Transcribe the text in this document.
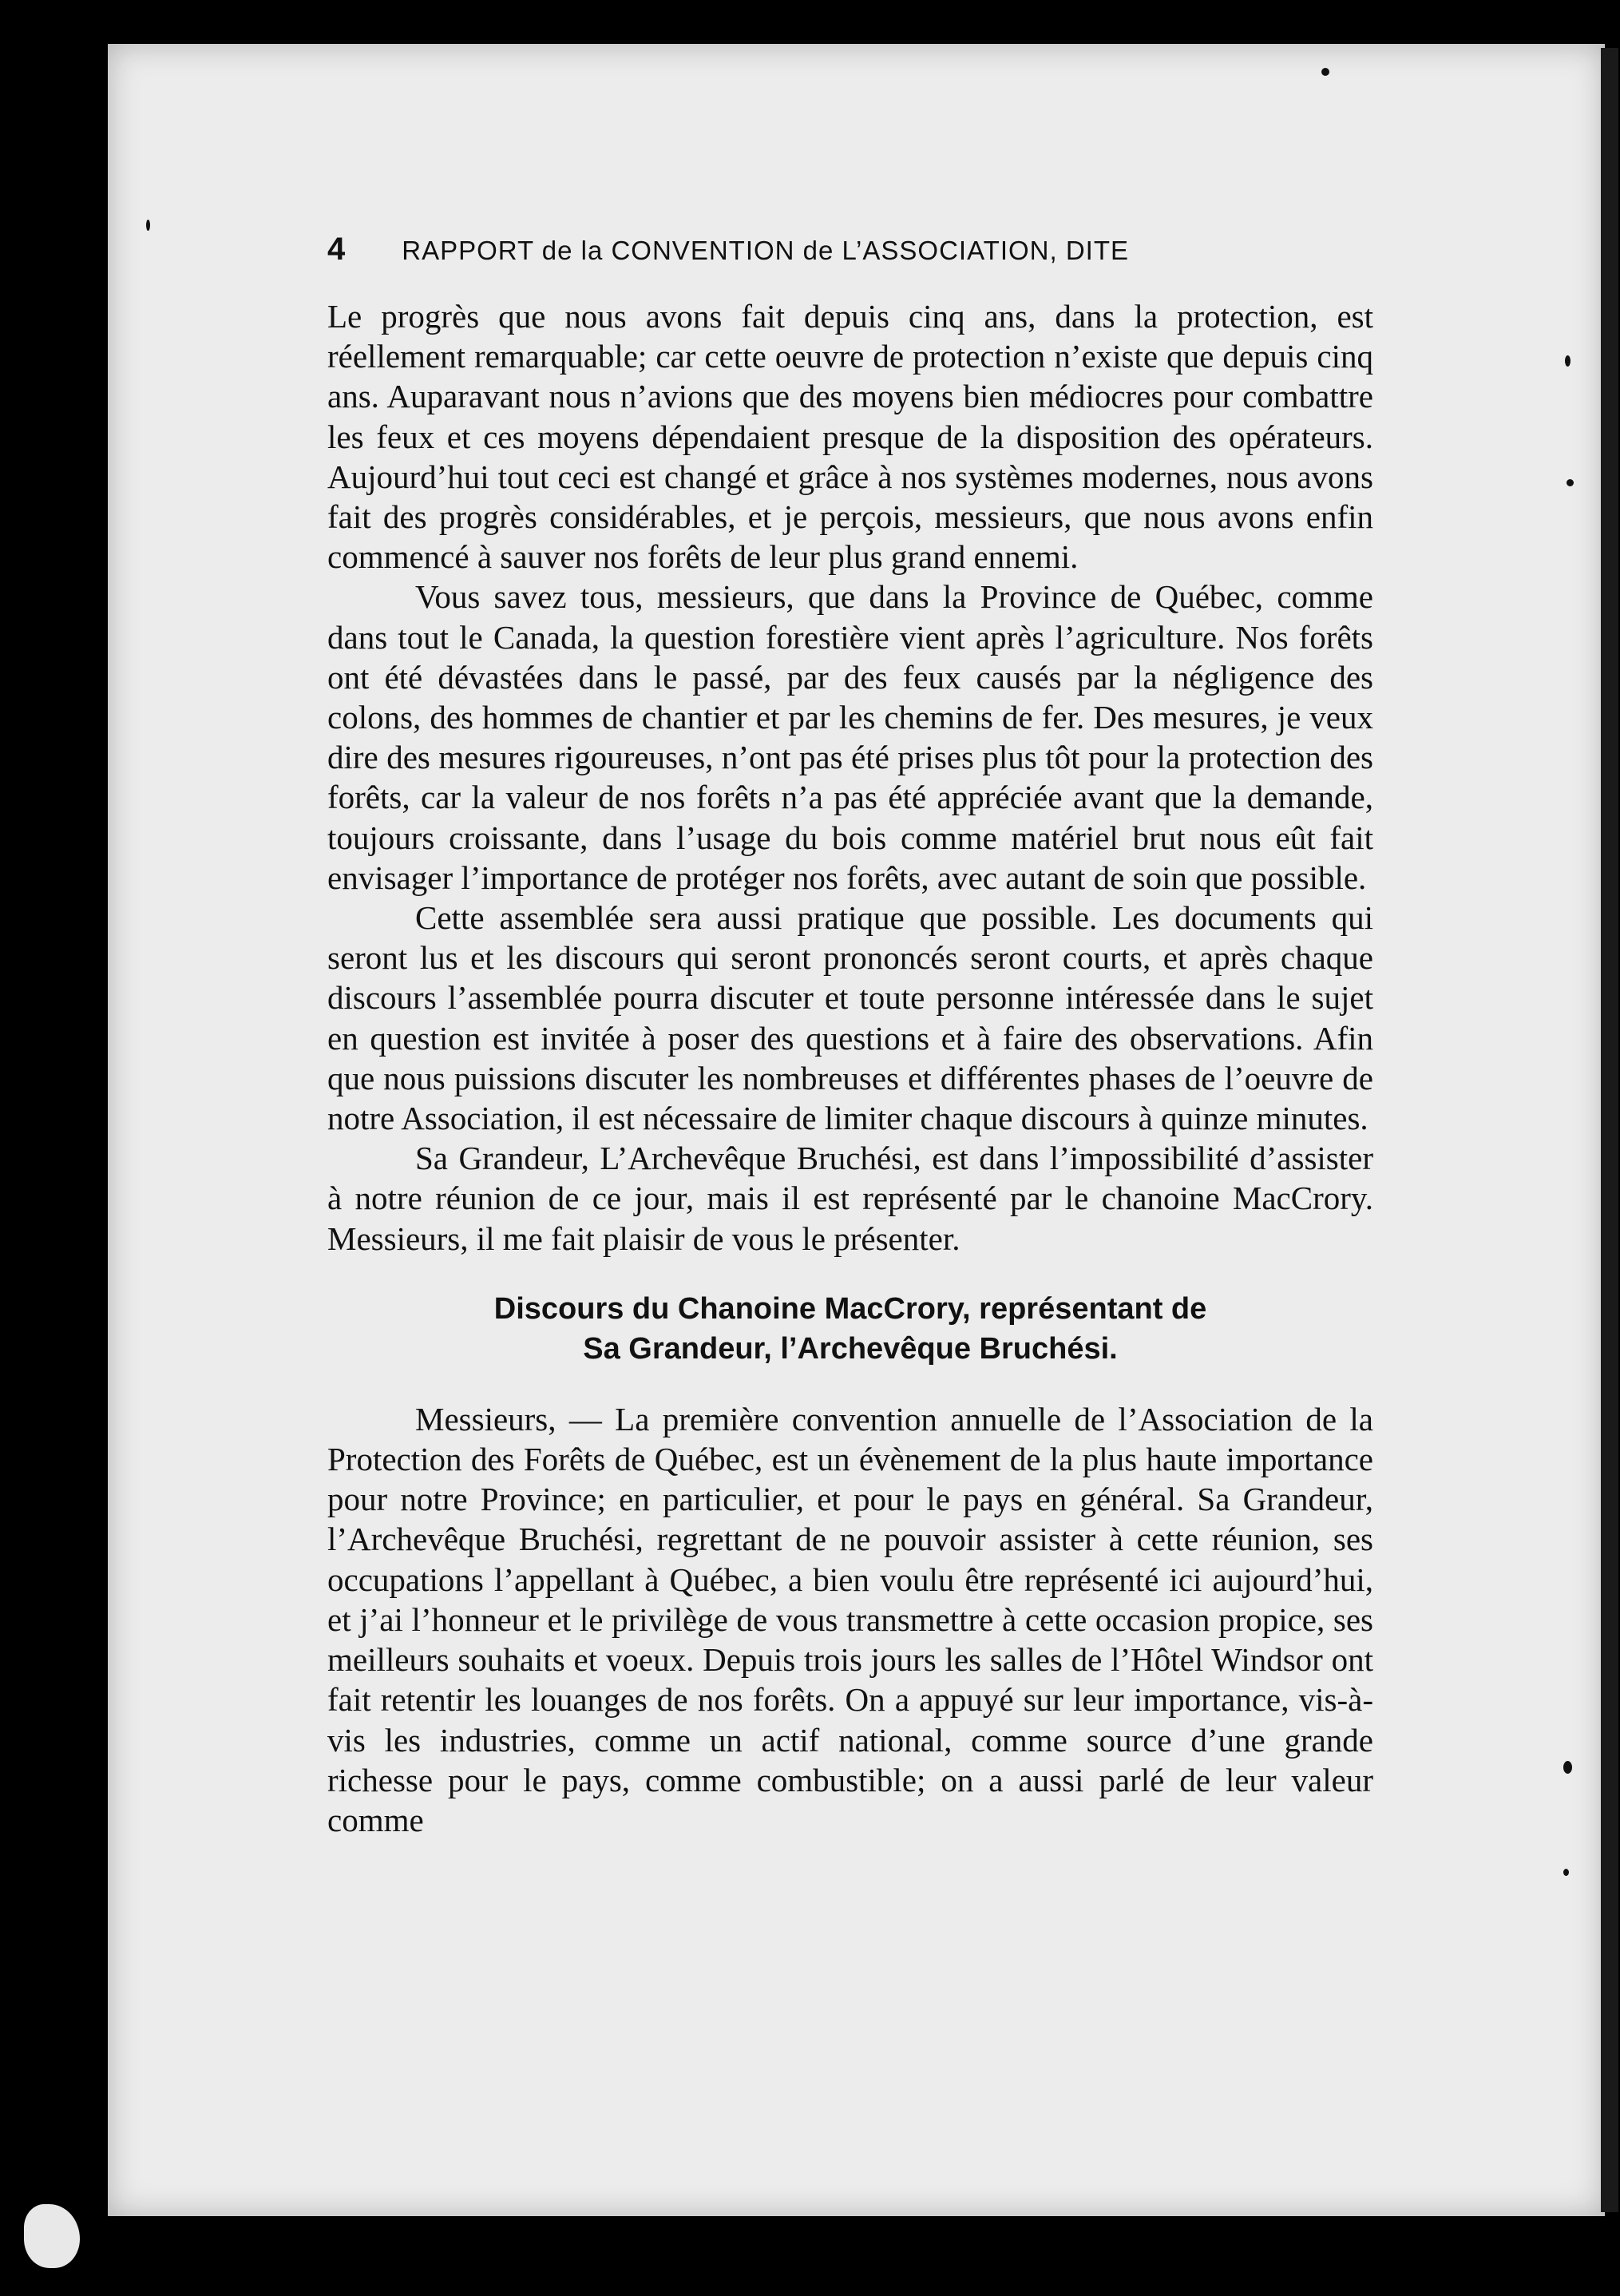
4 RAPPORT de la CONVENTION de L’ASSOCIATION, DITE

Le progrès que nous avons fait depuis cinq ans, dans la protection, est réellement remarquable; car cette oeuvre de protection n’existe que depuis cinq ans. Auparavant nous n’avions que des moyens bien médiocres pour combattre les feux et ces moyens dépendaient presque de la disposition des opérateurs. Aujourd’hui tout ceci est changé et grâce à nos systèmes modernes, nous avons fait des progrès considérables, et je perçois, messieurs, que nous avons enfin commencé à sauver nos forêts de leur plus grand ennemi.

Vous savez tous, messieurs, que dans la Province de Québec, comme dans tout le Canada, la question forestière vient après l’agriculture. Nos forêts ont été dévastées dans le passé, par des feux causés par la négligence des colons, des hommes de chantier et par les chemins de fer. Des mesures, je veux dire des mesures rigoureuses, n’ont pas été prises plus tôt pour la protection des forêts, car la valeur de nos forêts n’a pas été appréciée avant que la demande, toujours croissante, dans l’usage du bois comme matériel brut nous eût fait envisager l’importance de protéger nos forêts, avec autant de soin que possible.

Cette assemblée sera aussi pratique que possible. Les documents qui seront lus et les discours qui seront prononcés seront courts, et après chaque discours l’assemblée pourra discuter et toute personne intéressée dans le sujet en question est invitée à poser des questions et à faire des observations. Afin que nous puissions discuter les nombreuses et différentes phases de l’oeuvre de notre Association, il est nécessaire de limiter chaque discours à quinze minutes.

Sa Grandeur, L’Archevêque Bruchési, est dans l’impossibilité d’assister à notre réunion de ce jour, mais il est représenté par le chanoine MacCrory. Messieurs, il me fait plaisir de vous le présenter.

Discours du Chanoine MacCrory, représentant de
Sa Grandeur, l’Archevêque Bruchési.

Messieurs, — La première convention annuelle de l’Association de la Protection des Forêts de Québec, est un évènement de la plus haute importance pour notre Province; en particulier, et pour le pays en général. Sa Grandeur, l’Archevêque Bruchési, regrettant de ne pouvoir assister à cette réunion, ses occupations l’appellant à Québec, a bien voulu être représenté ici aujourd’hui, et j’ai l’honneur et le privilège de vous transmettre à cette occasion propice, ses meilleurs souhaits et voeux. Depuis trois jours les salles de l’Hôtel Windsor ont fait retentir les louanges de nos forêts. On a appuyé sur leur importance, vis-à-vis les industries, comme un actif national, comme source d’une grande richesse pour le pays, comme combustible; on a aussi parlé de leur valeur comme
